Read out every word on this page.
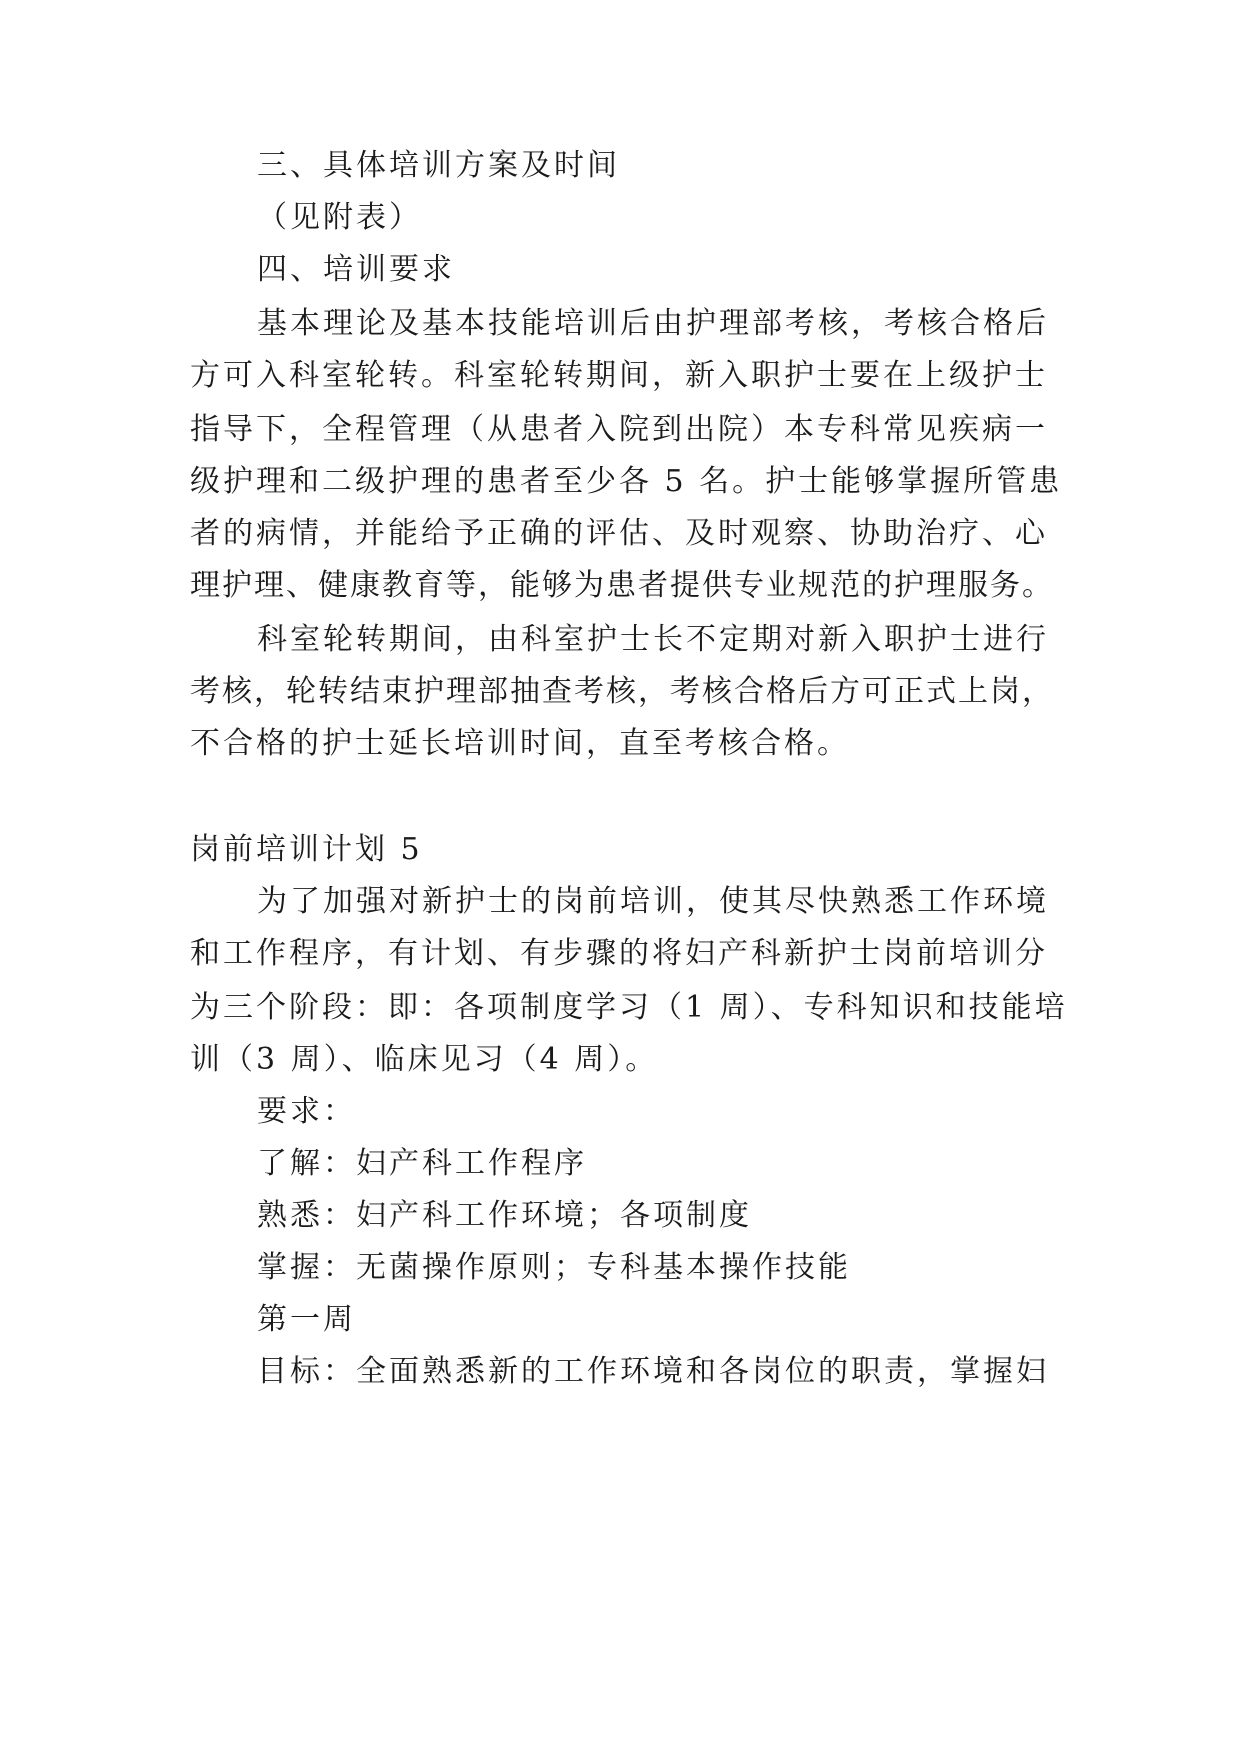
三、具体培训方案及时间
（见附表）
四、培训要求
基本理论及基本技能培训后由护理部考核，考核合格后
方可入科室轮转。科室轮转期间，新入职护士要在上级护士
指导下，全程管理（从患者入院到出院）本专科常见疾病一
级护理和二级护理的患者至少各 5 名。护士能够掌握所管患
者的病情，并能给予正确的评估、及时观察、协助治疗、心
理护理、健康教育等，能够为患者提供专业规范的护理服务。
科室轮转期间，由科室护士长不定期对新入职护士进行
考核，轮转结束护理部抽查考核，考核合格后方可正式上岗，
不合格的护士延长培训时间，直至考核合格。
岗前培训计划 5
为了加强对新护士的岗前培训，使其尽快熟悉工作环境
和工作程序，有计划、有步骤的将妇产科新护士岗前培训分
为三个阶段：即：各项制度学习（1 周）、专科知识和技能培
训（3 周）、临床见习（4 周）。
要求：
了解：妇产科工作程序
熟悉：妇产科工作环境；各项制度
掌握：无菌操作原则；专科基本操作技能
第一周
目标：全面熟悉新的工作环境和各岗位的职责，掌握妇
